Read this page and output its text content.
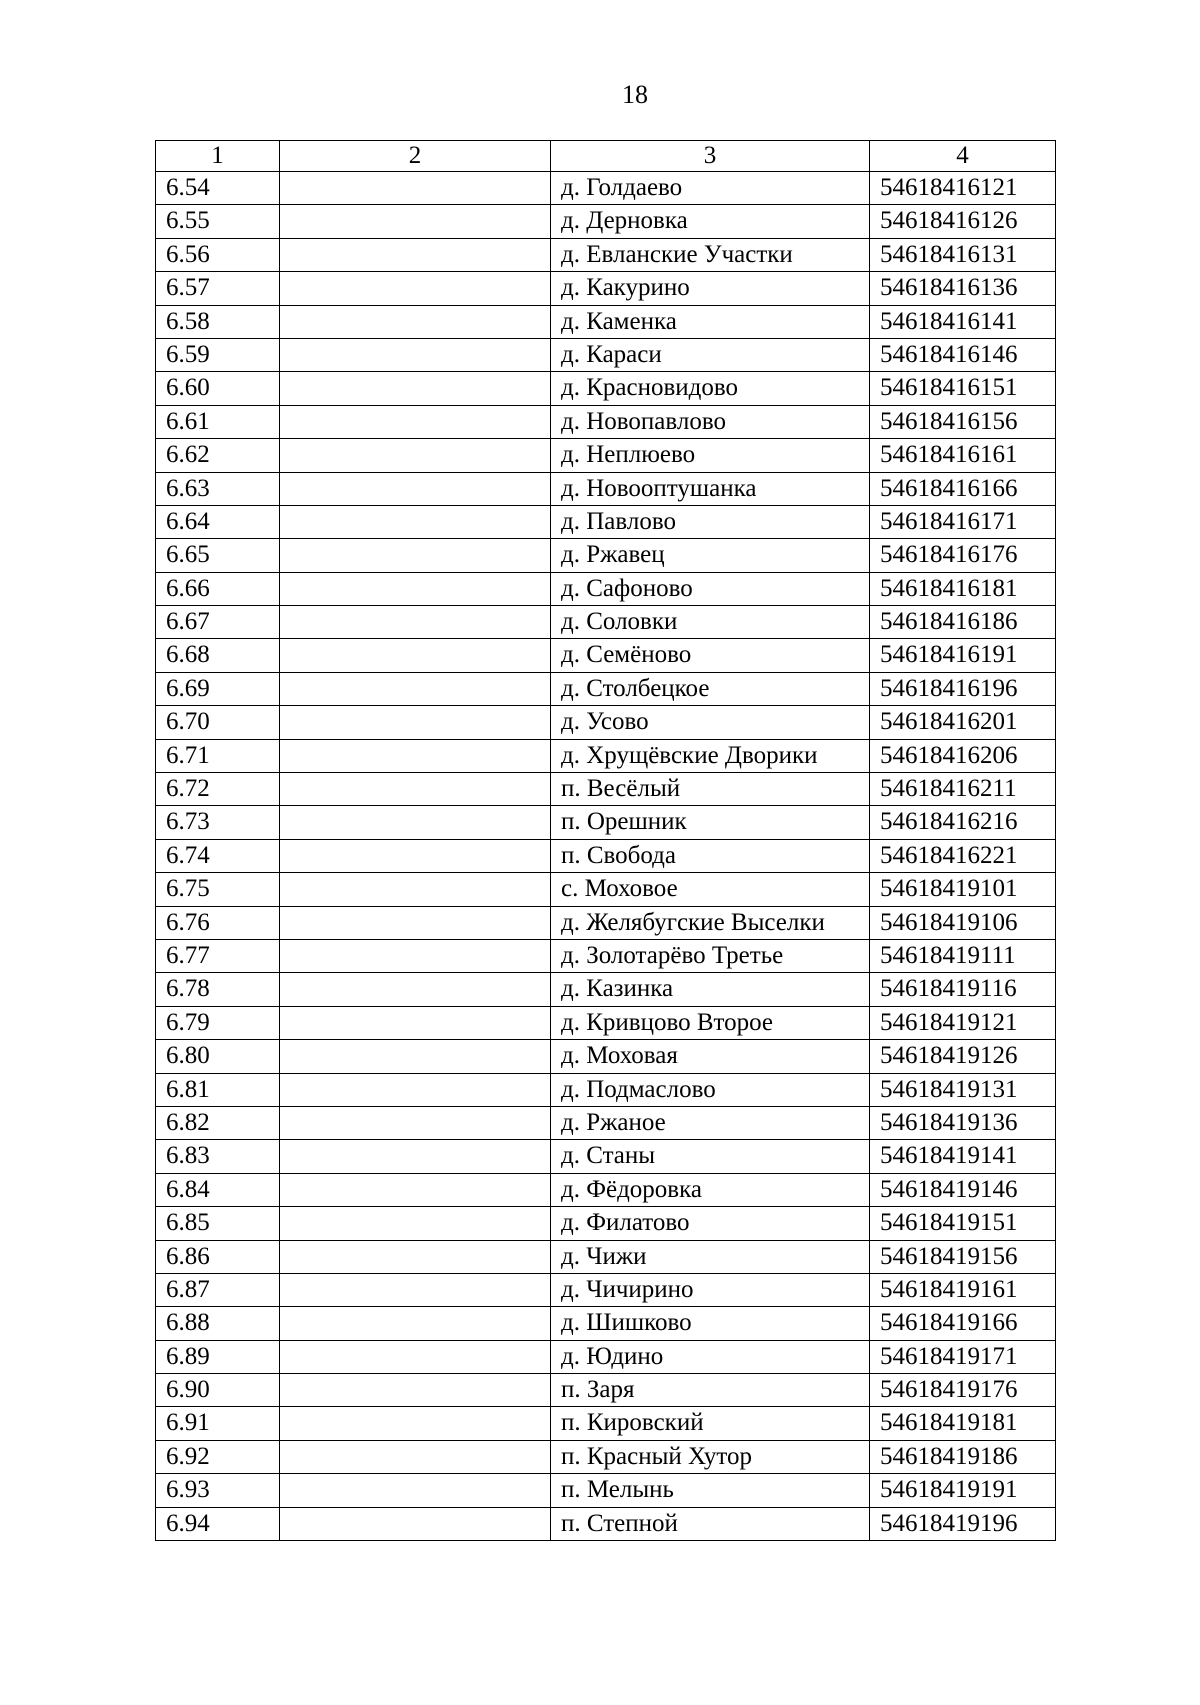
18
1	2	3	4
6.54		д. Голдаево	54618416121
6.55		д. Дерновка	54618416126
6.56		д. Евланские Участки	54618416131
6.57		д. Какурино	54618416136
6.58		д. Каменка	54618416141
6.59		д. Караси	54618416146
6.60		д. Красновидово	54618416151
6.61		д. Новопавлово	54618416156
6.62		д. Неплюево	54618416161
6.63		д. Новооптушанка	54618416166
6.64		д. Павлово	54618416171
6.65		д. Ржавец	54618416176
6.66		д. Сафоново	54618416181
6.67		д. Соловки	54618416186
6.68		д. Семёново	54618416191
6.69		д. Столбецкое	54618416196
6.70		д. Усово	54618416201
6.71		д. Хрущёвские Дворики	54618416206
6.72		п. Весёлый	54618416211
6.73		п. Орешник	54618416216
6.74		п. Свобода	54618416221
6.75		с. Моховое	54618419101
6.76		д. Желябугские Выселки	54618419106
6.77		д. Золотарёво Третье	54618419111
6.78		д. Казинка	54618419116
6.79		д. Кривцово Второе	54618419121
6.80		д. Моховая	54618419126
6.81		д. Подмаслово	54618419131
6.82		д. Ржаное	54618419136
6.83		д. Станы	54618419141
6.84		д. Фёдоровка	54618419146
6.85		д. Филатово	54618419151
6.86		д. Чижи	54618419156
6.87		д. Чичирино	54618419161
6.88		д. Шишково	54618419166
6.89		д. Юдино	54618419171
6.90		п. Заря	54618419176
6.91		п. Кировский	54618419181
6.92		п. Красный Хутор	54618419186
6.93		п. Мелынь	54618419191
6.94		п. Степной	54618419196
